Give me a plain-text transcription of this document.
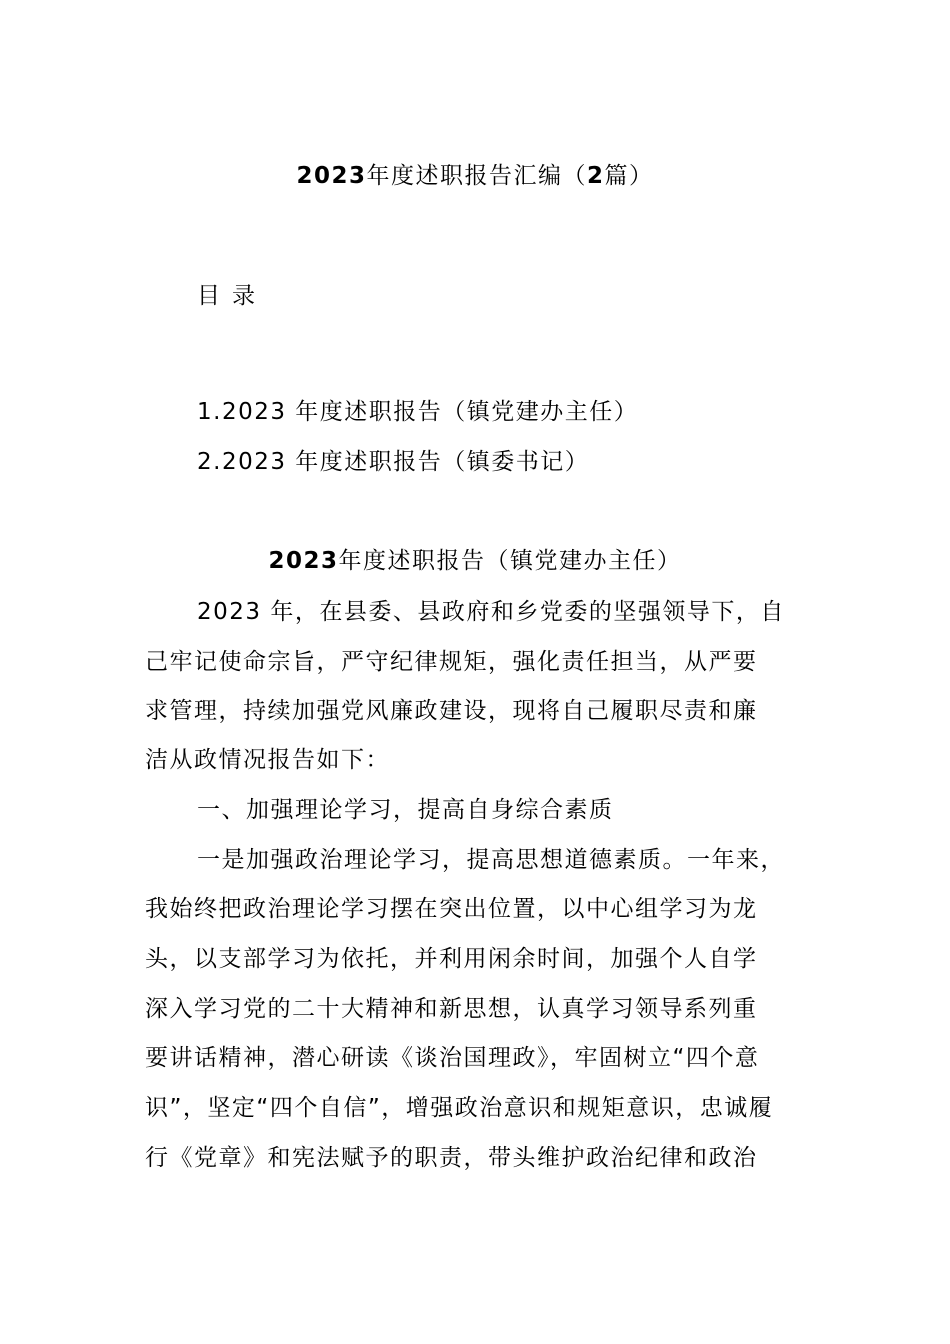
2023年度述职报告汇编（2篇）
目录
1.2023 年度述职报告（镇党建办主任）
2.2023 年度述职报告（镇委书记）
2023年度述职报告（镇党建办主任）
2023 年，在县委、县政府和乡党委的坚强领导下，自
己牢记使命宗旨，严守纪律规矩，强化责任担当，从严要
求管理，持续加强党风廉政建设，现将自己履职尽责和廉
洁从政情况报告如下：
一、加强理论学习，提高自身综合素质
一是加强政治理论学习，提高思想道德素质。一年来，
我始终把政治理论学习摆在突出位置，以中心组学习为龙
头，以支部学习为依托，并利用闲余时间，加强个人自学
深入学习党的二十大精神和新思想，认真学习领导系列重
要讲话精神，潜心研读《谈治国理政》，牢固树立“四个意
识”，坚定“四个自信”，增强政治意识和规矩意识，忠诚履
行《党章》和宪法赋予的职责，带头维护政治纪律和政治
